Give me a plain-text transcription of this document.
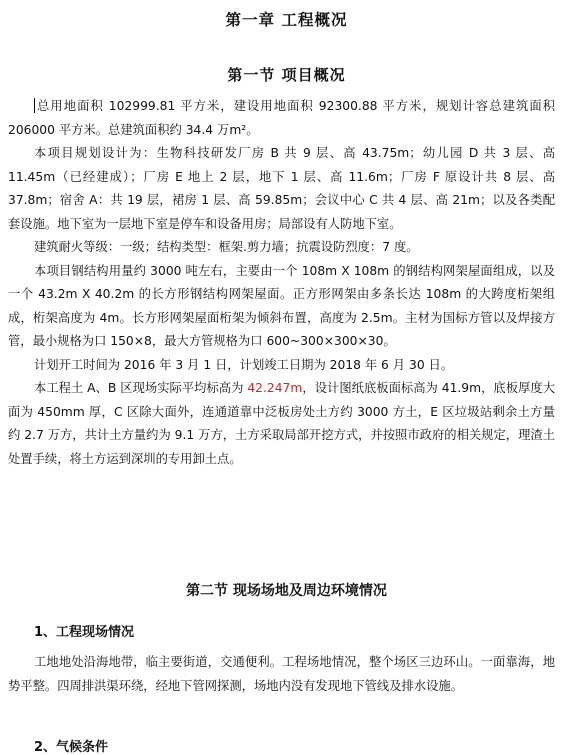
第一章 工程概况
第一节 项目概况

总用地面积 102999.81 平方米，建设用地面积 92300.88 平方米，规划计容总建筑面积 206000 平方米。总建筑面积约 34.4 万m²。

本项目规划设计为：生物科技研发厂房 B 共 9 层、高 43.75m；幼儿园 D 共 3 层、高 11.45m（已经建成）；厂房 E 地上 2 层，地下 1 层、高 11.6m；厂房 F 原设计共 8 层、高 37.8m；宿舍 A：共 19 层，裙房 1 层、高 59.85m；会议中心 C 共 4 层、高 21m；以及各类配套设施。地下室为一层地下室是停车和设备用房；局部设有人防地下室。

建筑耐火等级：一级；结构类型：框架.剪力墙；抗震设防烈度：7 度。

本项目钢结构用量约 3000 吨左右，主要由一个 108m X 108m 的钢结构网架屋面组成，以及一个 43.2m X 40.2m 的长方形钢结构网架屋面。正方形网架由多条长达 108m 的大跨度桁架组成，桁架高度为 4m。长方形网架屋面桁架为倾斜布置，高度为 2.5m。主材为国标方管以及焊接方管，最小规格为口 150×8，最大方管规格为口 600~300×300×30。

计划开工时间为 2016 年 3 月 1 日，计划竣工日期为 2018 年 6 月 30 日。

本工程土 A、B 区现场实际平均标高为 42.247m，设计图纸底板面标高为 41.9m，底板厚度大面为 450mm 厚，C 区除大面外，连通道靠中泛板房处土方约 3000 方土，E 区垃圾站剩余土方量约 2.7 万方，共计土方量约为 9.1 万方，土方采取局部开挖方式，并按照市政府的相关规定，理渣土处置手续，将土方运到深圳的专用卸土点。

第二节 现场场地及周边环境情况
1、工程现场情况

工地地处沿海地带，临主要街道，交通便利。工程场地情况，整个场区三边环山。一面靠海，地势平整。四周排洪渠环绕，经地下管网探测，场地内没有发现地下管线及排水设施。

2、气候条件
